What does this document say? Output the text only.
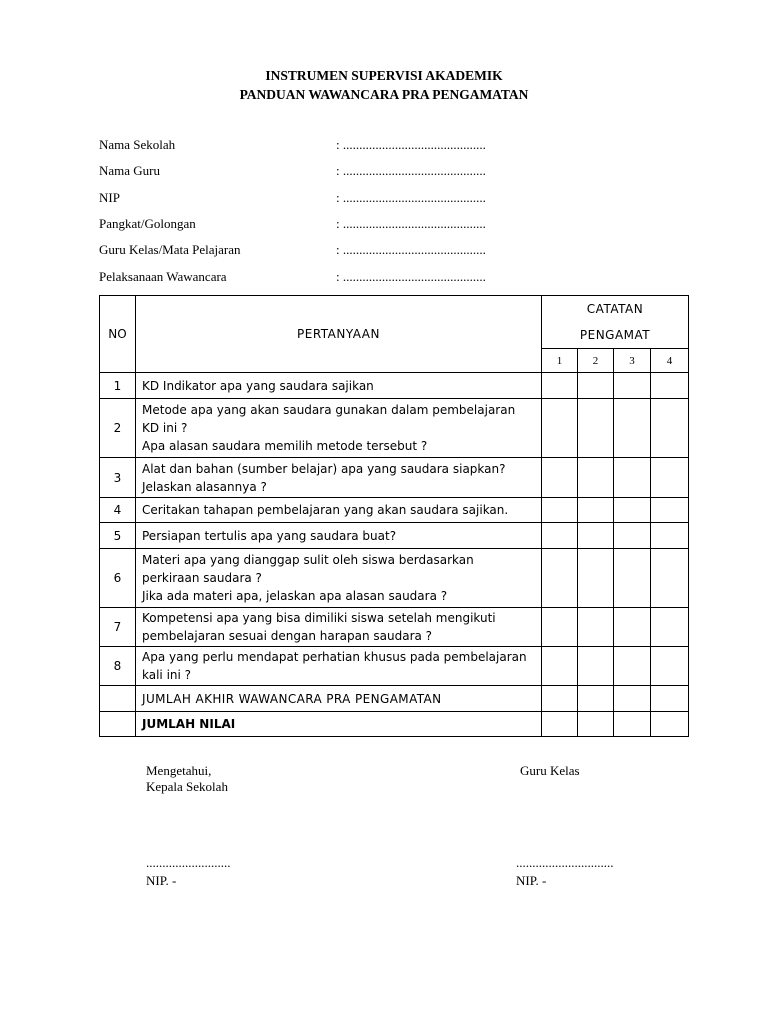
INSTRUMEN SUPERVISI AKADEMIK
PANDUAN WAWANCARA PRA PENGAMATAN
Nama Sekolah	: ............................................
Nama Guru	: ............................................
NIP	: ............................................
Pangkat/Golongan	: ............................................
Guru Kelas/Mata Pelajaran	: ............................................
Pelaksanaan Wawancara	: ............................................
NO	PERTANYAAN	CATATAN
PENGAMAT			

		1	2	3	4
1	KD Indikator apa yang saudara sajikan				

2	Metode apa yang akan saudara gunakan dalam pembelajaran
KD ini ?
Apa alasan saudara memilih metode tersebut ?				

3	Alat dan bahan (sumber belajar) apa yang saudara siapkan?
Jelaskan alasannya ?				

4	Ceritakan tahapan pembelajaran yang akan saudara sajikan.				

5	Persiapan tertulis apa yang saudara buat?				

6	Materi apa yang dianggap sulit oleh siswa berdasarkan
perkiraan saudara ?
Jika ada materi apa, jelaskan apa alasan saudara ?				

7	Kompetensi apa yang bisa dimiliki siswa setelah mengikuti
pembelajaran sesuai dengan harapan saudara ?				

8	Apa yang perlu mendapat perhatian khusus pada pembelajaran
kali ini ?				

	JUMLAH AKHIR WAWANCARA PRA PENGAMATAN				
	JUMLAH NILAI				
Mengetahui,
Kepala Sekolah
Guru Kelas
..........................
NIP. -
..............................
NIP. -
